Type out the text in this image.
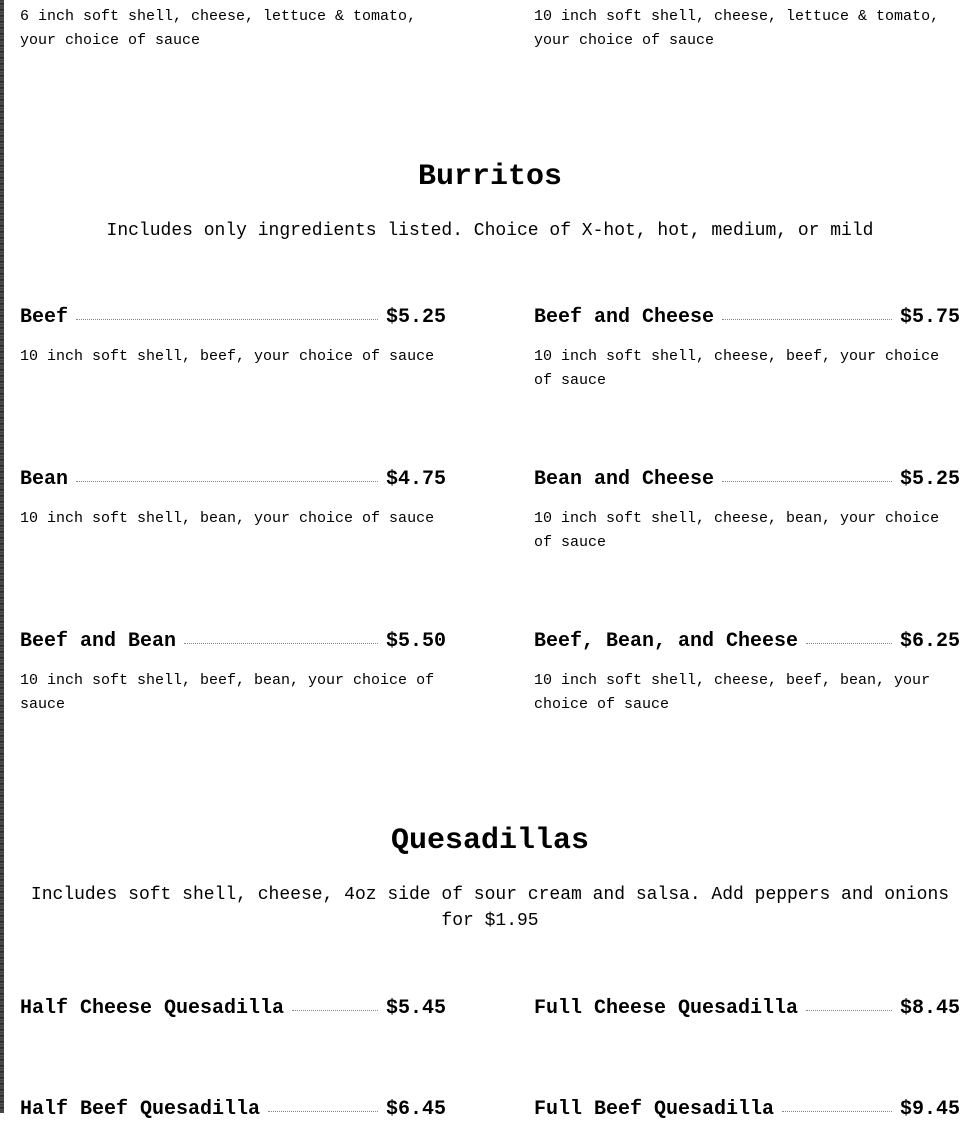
6 inch soft shell, cheese, lettuce & tomato, your choice of sauce

10 inch soft shell, cheese, lettuce & tomato, your choice of sauce

Burritos
Includes only ingredients listed. Choice of X-hot, hot, medium, or mild
Beef	$5.25

10 inch soft shell, beef, your choice of sauce

Beef and Cheese	$5.75

10 inch soft shell, cheese, beef, your choice of sauce

Bean	$4.75

10 inch soft shell, bean, your choice of sauce

Bean and Cheese	$5.25

10 inch soft shell, cheese, bean, your choice of sauce

Beef and Bean	$5.50

10 inch soft shell, beef, bean, your choice of sauce

Beef, Bean, and Cheese	$6.25

10 inch soft shell, cheese, beef, bean, your choice of sauce

Quesadillas
Includes soft shell, cheese, 4oz side of sour cream and salsa. Add peppers and onions for $1.95
Half Cheese Quesadilla	$5.45	Full Cheese Quesadilla	$8.45
Half Beef Quesadilla	$6.45	Full Beef Quesadilla	$9.45
